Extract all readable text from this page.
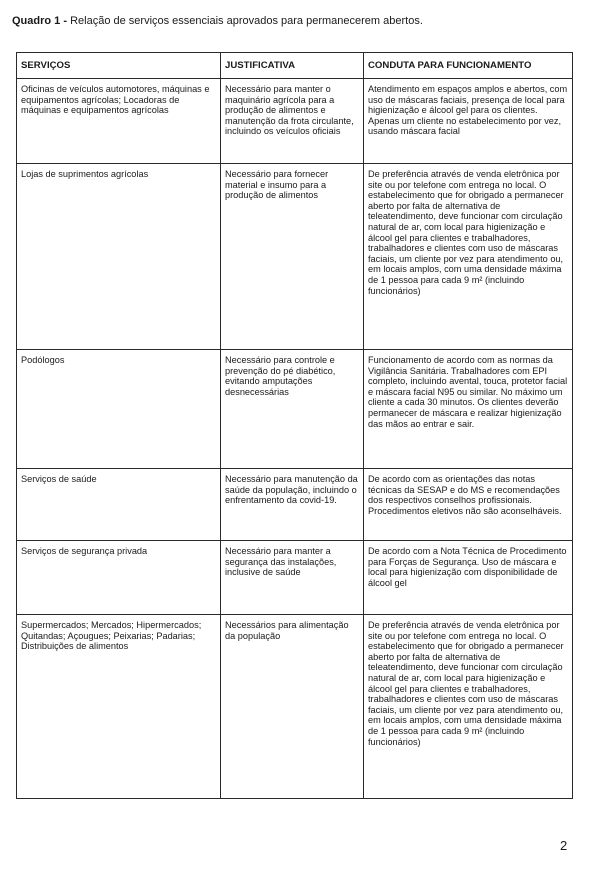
Quadro 1 - Relação de serviços essenciais aprovados para permanecerem abertos.
SERVIÇOS	JUSTIFICATIVA	CONDUTA PARA FUNCIONAMENTO
Oficinas de veículos automotores, máquinas e equipamentos agrícolas; Locadoras de máquinas e equipamentos agrícolas	Necessário para manter o maquinário agrícola para a produção de alimentos e manutenção da frota circulante, incluindo os veículos oficiais	Atendimento em espaços amplos e abertos, com uso de máscaras faciais, presença de local para higienização e álcool gel para os clientes. Apenas um cliente no estabelecimento por vez, usando máscara facial
Lojas de suprimentos agrícolas	Necessário para fornecer material e insumo para a produção de alimentos	De preferência através de venda eletrônica por site ou por telefone com entrega no local. O estabelecimento que for obrigado a permanecer aberto por falta de alternativa de teleatendimento, deve funcionar com circulação natural de ar, com local para higienização e álcool gel para clientes e trabalhadores, trabalhadores e clientes com uso de máscaras faciais, um cliente por vez para atendimento ou, em locais amplos, com uma densidade máxima de 1 pessoa para cada 9 m² (incluindo funcionários)
Podólogos	Necessário para controle e prevenção do pé diabético, evitando amputações desnecessárias	Funcionamento de acordo com as normas da Vigilância Sanitária. Trabalhadores com EPI completo, incluindo avental, touca, protetor facial e máscara facial N95 ou similar. No máximo um cliente a cada 30 minutos. Os clientes deverão permanecer de máscara e realizar higienização das mãos ao entrar e sair.
Serviços de saúde	Necessário para manutenção da saúde da população, incluindo o enfrentamento da covid-19.	De acordo com as orientações das notas técnicas da SESAP e do MS e recomendações dos respectivos conselhos profissionais. Procedimentos eletivos não são aconselháveis.
Serviços de segurança privada	Necessário para manter a segurança das instalações, inclusive de saúde	De acordo com a Nota Técnica de Procedimento para Forças de Segurança. Uso de máscara e local para higienização com disponibilidade de álcool gel
Supermercados; Mercados; Hipermercados; Quitandas; Açougues; Peixarias; Padarias; Distribuições de alimentos	Necessários para alimentação da população	De preferência através de venda eletrônica por site ou por telefone com entrega no local. O estabelecimento que for obrigado a permanecer aberto por falta de alternativa de teleatendimento, deve funcionar com circulação natural de ar, com local para higienização e álcool gel para clientes e trabalhadores, trabalhadores e clientes com uso de máscaras faciais, um cliente por vez para atendimento ou, em locais amplos, com uma densidade máxima de 1 pessoa para cada 9 m² (incluindo funcionários)
2
